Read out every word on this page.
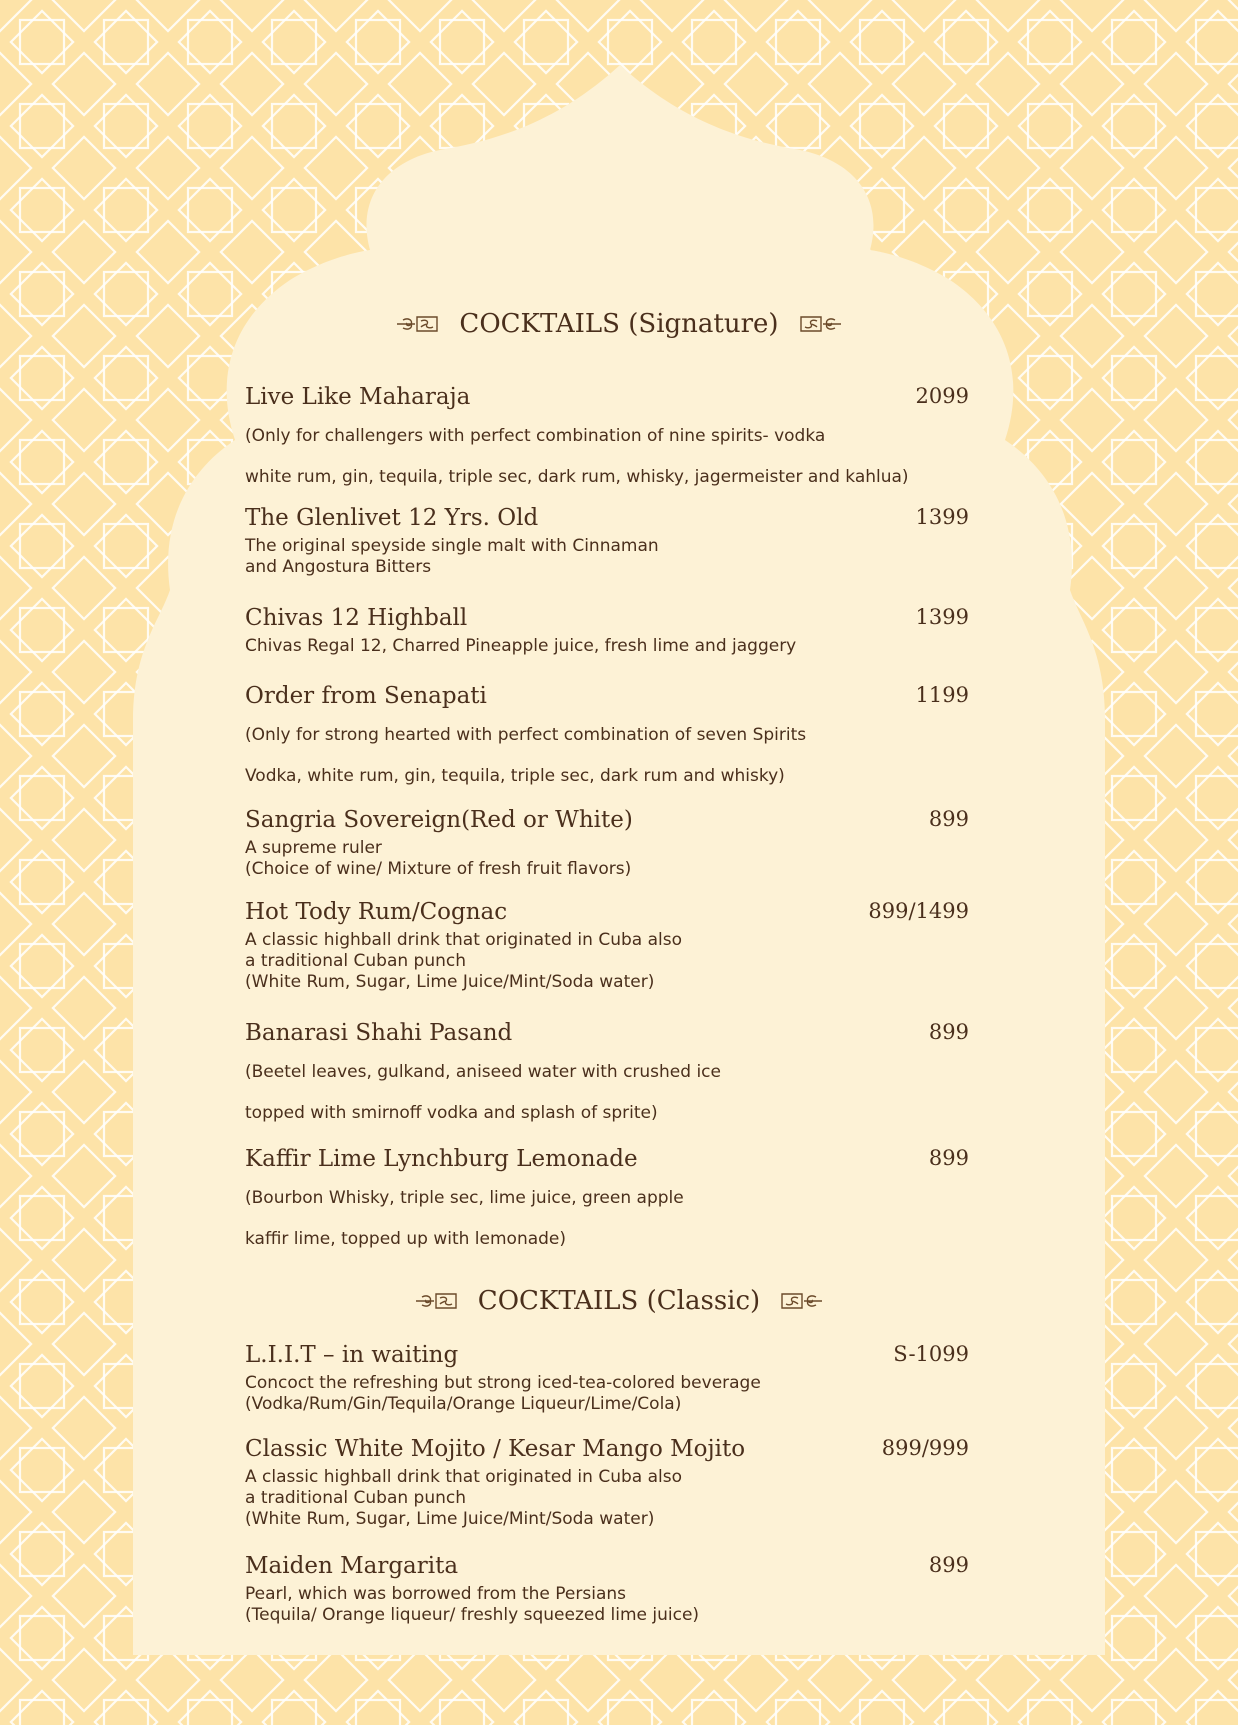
COCKTAILS (Signature)
Live Like Maharaja	2099
(Only for challengers with perfect combination of nine spirits- vodka
white rum, gin, tequila, triple sec, dark rum, whisky, jagermeister and kahlua)
The Glenlivet 12 Yrs. Old	1399
The original speyside single malt with Cinnaman
and Angostura Bitters
Chivas 12 Highball	1399
Chivas Regal 12, Charred Pineapple juice, fresh lime and jaggery
Order from Senapati	1199
(Only for strong hearted with perfect combination of seven Spirits
Vodka, white rum, gin, tequila, triple sec, dark rum and whisky)
Sangria Sovereign(Red or White)	899
A supreme ruler
(Choice of wine/ Mixture of fresh fruit flavors)
Hot Tody Rum/Cognac	899/1499
A classic highball drink that originated in Cuba also
a traditional Cuban punch
(White Rum, Sugar, Lime Juice/Mint/Soda water)
Banarasi Shahi Pasand	899
(Beetel leaves, gulkand, aniseed water with crushed ice
topped with smirnoff vodka and splash of sprite)
Kaffir Lime Lynchburg Lemonade	899
(Bourbon Whisky, triple sec, lime juice, green apple
kaffir lime, topped up with lemonade)
COCKTAILS (Classic)
L.I.I.T – in waiting	S-1099
Concoct the refreshing but strong iced-tea-colored beverage
(Vodka/Rum/Gin/Tequila/Orange Liqueur/Lime/Cola)
Classic White Mojito / Kesar Mango Mojito	899/999
A classic highball drink that originated in Cuba also
a traditional Cuban punch
(White Rum, Sugar, Lime Juice/Mint/Soda water)
Maiden Margarita	899
Pearl, which was borrowed from the Persians
(Tequila/ Orange liqueur/ freshly squeezed lime juice)
